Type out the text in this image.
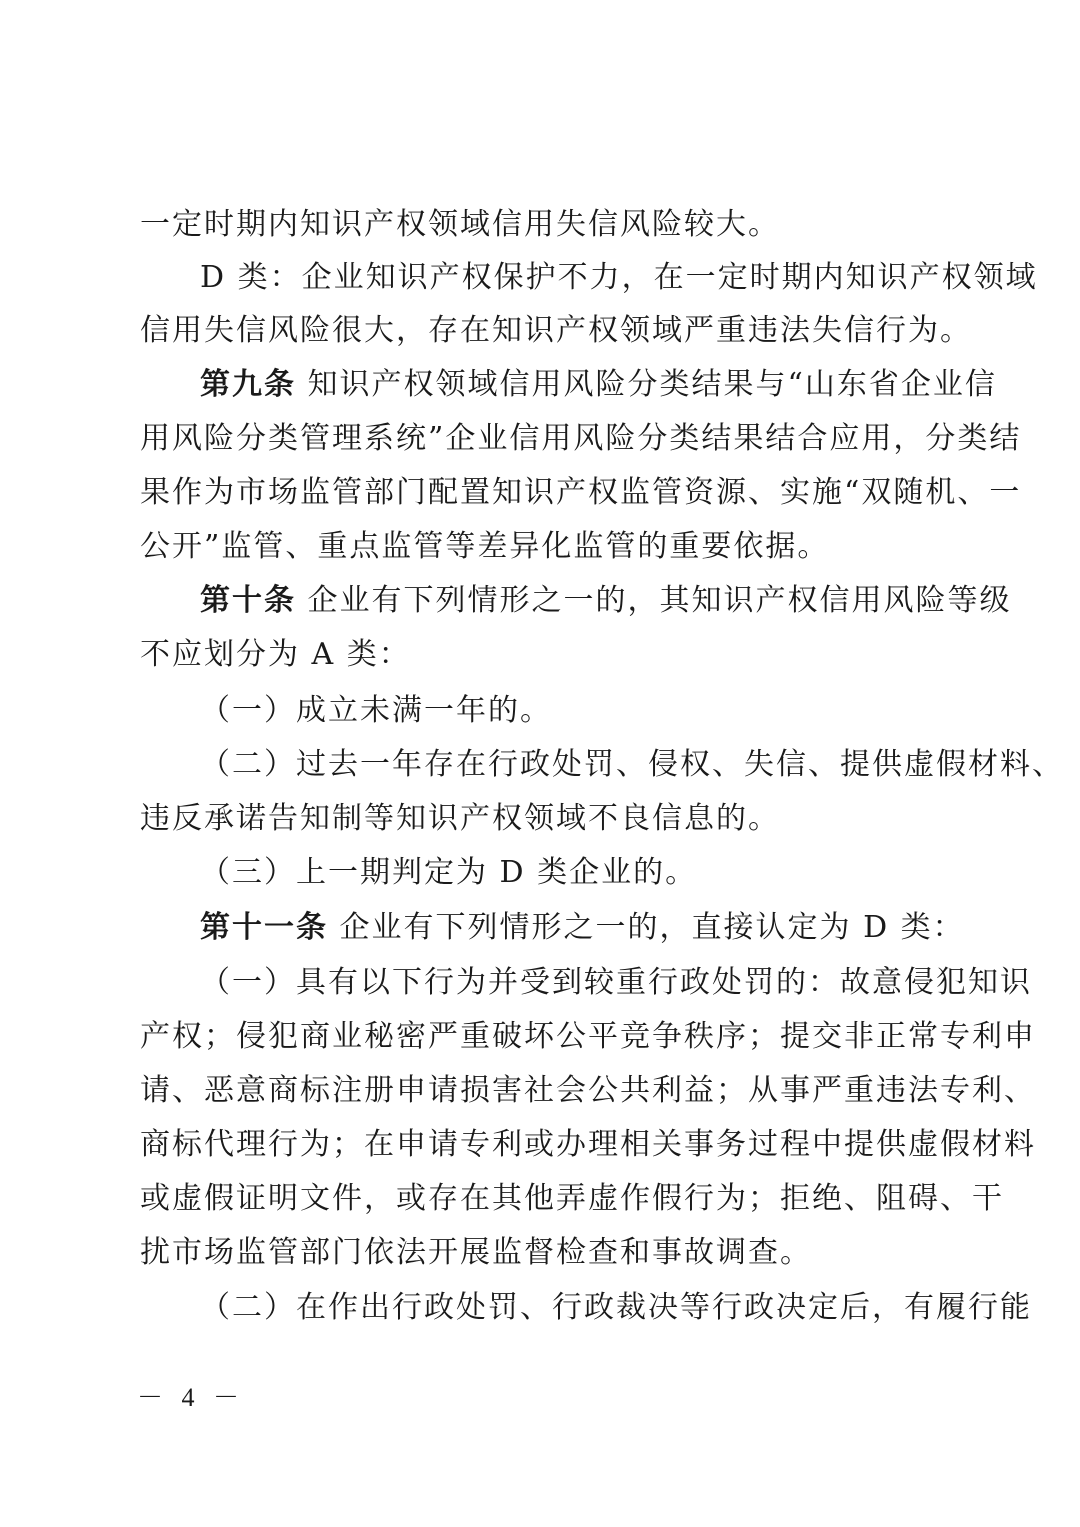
一定时期内知识产权领域信用失信风险较大。
D 类：企业知识产权保护不力，在一定时期内知识产权领域
信用失信风险很大，存在知识产权领域严重违法失信行为。
第九条 知识产权领域信用风险分类结果与“山东省企业信
用风险分类管理系统”企业信用风险分类结果结合应用，分类结
果作为市场监管部门配置知识产权监管资源、实施“双随机、一
公开”监管、重点监管等差异化监管的重要依据。
第十条 企业有下列情形之一的，其知识产权信用风险等级
不应划分为 A 类：
（一）成立未满一年的。
（二）过去一年存在行政处罚、侵权、失信、提供虚假材料、
违反承诺告知制等知识产权领域不良信息的。
（三）上一期判定为 D 类企业的。
第十一条 企业有下列情形之一的，直接认定为 D 类：
（一）具有以下行为并受到较重行政处罚的：故意侵犯知识
产权；侵犯商业秘密严重破坏公平竞争秩序；提交非正常专利申
请、恶意商标注册申请损害社会公共利益；从事严重违法专利、
商标代理行为；在申请专利或办理相关事务过程中提供虚假材料
或虚假证明文件，或存在其他弄虚作假行为；拒绝、阻碍、干
扰市场监管部门依法开展监督检查和事故调查。
（二）在作出行政处罚、行政裁决等行政决定后，有履行能
－ 4 －
